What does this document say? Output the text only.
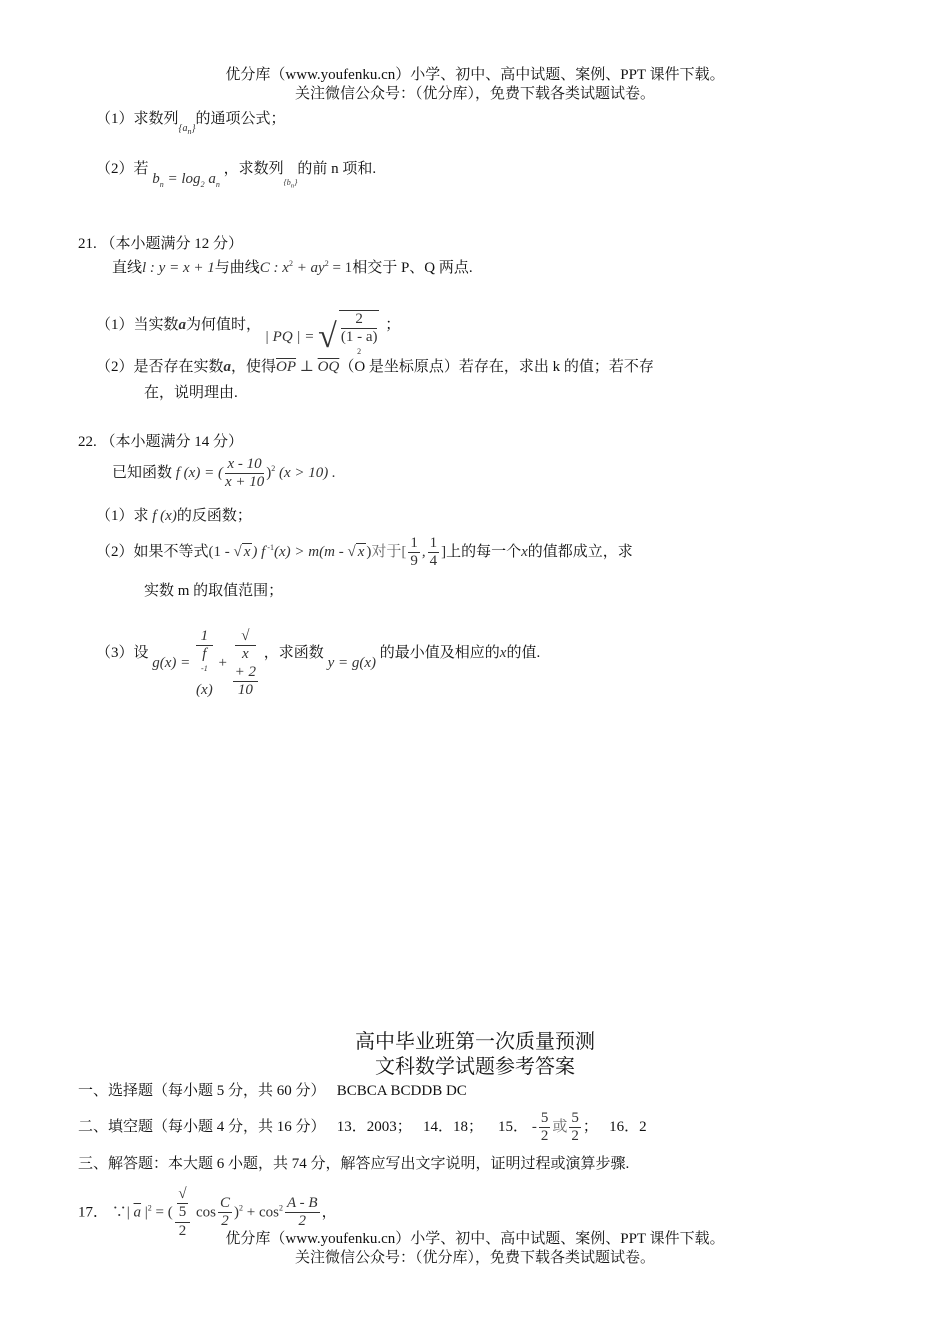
优分库（www.youfenku.cn）小学、初中、高中试题、案例、PPT 课件下载。
关注微信公众号：（优分库），免费下载各类试题试卷。
（1）求数列$_{\{a_n\}}$的通项公式；
（2）若 $b_n = \log_2 a_n$ ，求数列$_{\{b_n\}}$的前 n 项和.
21. （本小题满分 12 分）
直线l : y = x + 1与曲线C : $x^2 + ay^2 = 1$相交于 P、Q 两点.
（1）当实数a为何值时， | PQ | = √ 2
(1 - a)
$^2$ ；
（2）是否存在实数a，使得$\overline{OP}$ ⊥ $\overline{OQ}(O$ 是坐标原点）若存在，求出 k 的值；若不存
在，说明理由.
22. （本小题满分 14 分）
已知函数 f (x) = ( $\frac{x - 10}{x + 10} )^2$ (x > 10) .
（1）求 f (x)的反函数；
（2）如果不等式(1 - √ x ) f $^{-1}$(x) > m(m - √ x )对于[ $\frac{1}{9}$ , $\frac{1}{4}$ ]上的每一个x的值都成立，求
实数 m 的取值范围；
（3）设 g(x) = 1
f
$^{-1}$
(x) + √
x
+ 2
10 ，求函数 y = g(x) 的最小值及相应的x的值.
高中毕业班第一次质量预测
文科数学试题参考答案
一、选择题（每小题 5 分，共 60 分） BCBCA BCDDB DC
二、填空题（每小题 4 分，共 16 分） 13．2003； 14．18； 15． - $\frac{5}{2}$ 或 $\frac{5}{2}$ ； 16．2
三、解答题：本大题 6 小题，共 74 分，解答应写出文字说明，证明过程或演算步骤.
17． ∵| $\overline{a}$ $|^2$ = ( √
5
2 $\cos \frac{C}{2} )^2 + \cos^2 \frac{A - B}{2}$ ，
优分库（www.youfenku.cn）小学、初中、高中试题、案例、PPT 课件下载。
关注微信公众号：（优分库），免费下载各类试题试卷。
